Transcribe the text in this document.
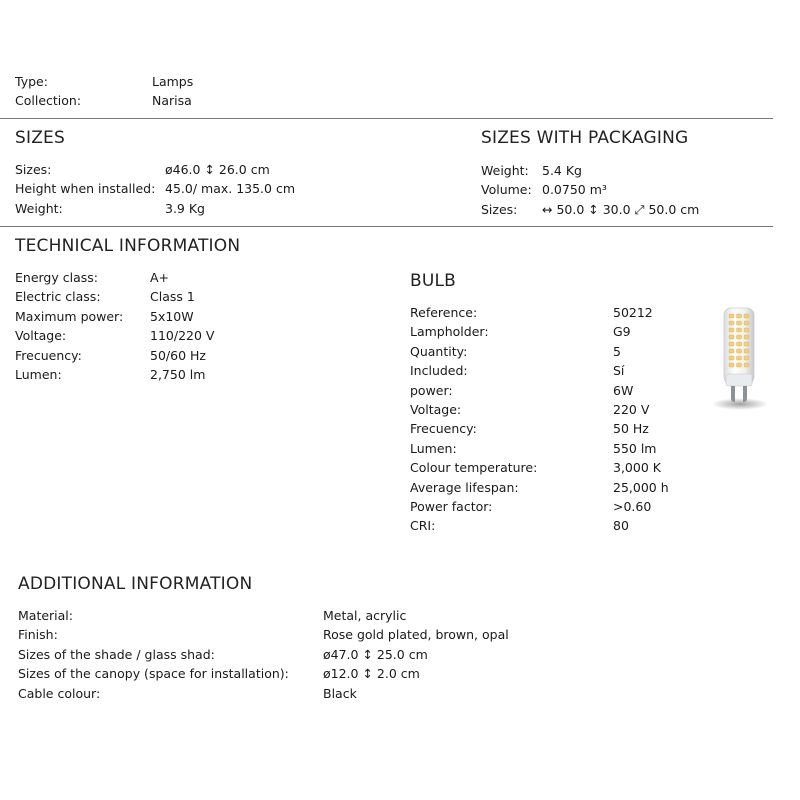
Type:	Lamps
Collection:	Narisa
SIZES
Sizes:	ø46.0 ↕ 26.0 cm
Height when installed: 45.0/ max. 135.0 cm
Weight:	3.9 Kg
SIZES WITH PACKAGING
Weight: 5.4 Kg
Volume: 0.0750 m³
Sizes: ↔ 50.0 ↕ 30.0 ⤢ 50.0 cm
TECHNICAL INFORMATION
Energy class:	A+
Electric class:	Class 1
Maximum power: 5x10W
Voltage:	110/220 V
Frecuency:	50/60 Hz
Lumen:	2,750 lm
BULB
Reference:	50212
Lampholder:	G9
Quantity:	5
Included:	Sí
power:	6W
Voltage:	220 V
Frecuency:	50 Hz
Lumen:	550 lm
Colour temperature:	3,000 K
Average lifespan:	25,000 h
Power factor:	>0.60
CRI:	80
ADDITIONAL INFORMATION
Material:	Metal, acrylic
Finish:	Rose gold plated, brown, opal
Sizes of the shade / glass shad:	ø47.0 ↕ 25.0 cm
Sizes of the canopy (space for installation):	ø12.0 ↕ 2.0 cm
Cable colour:	Black
